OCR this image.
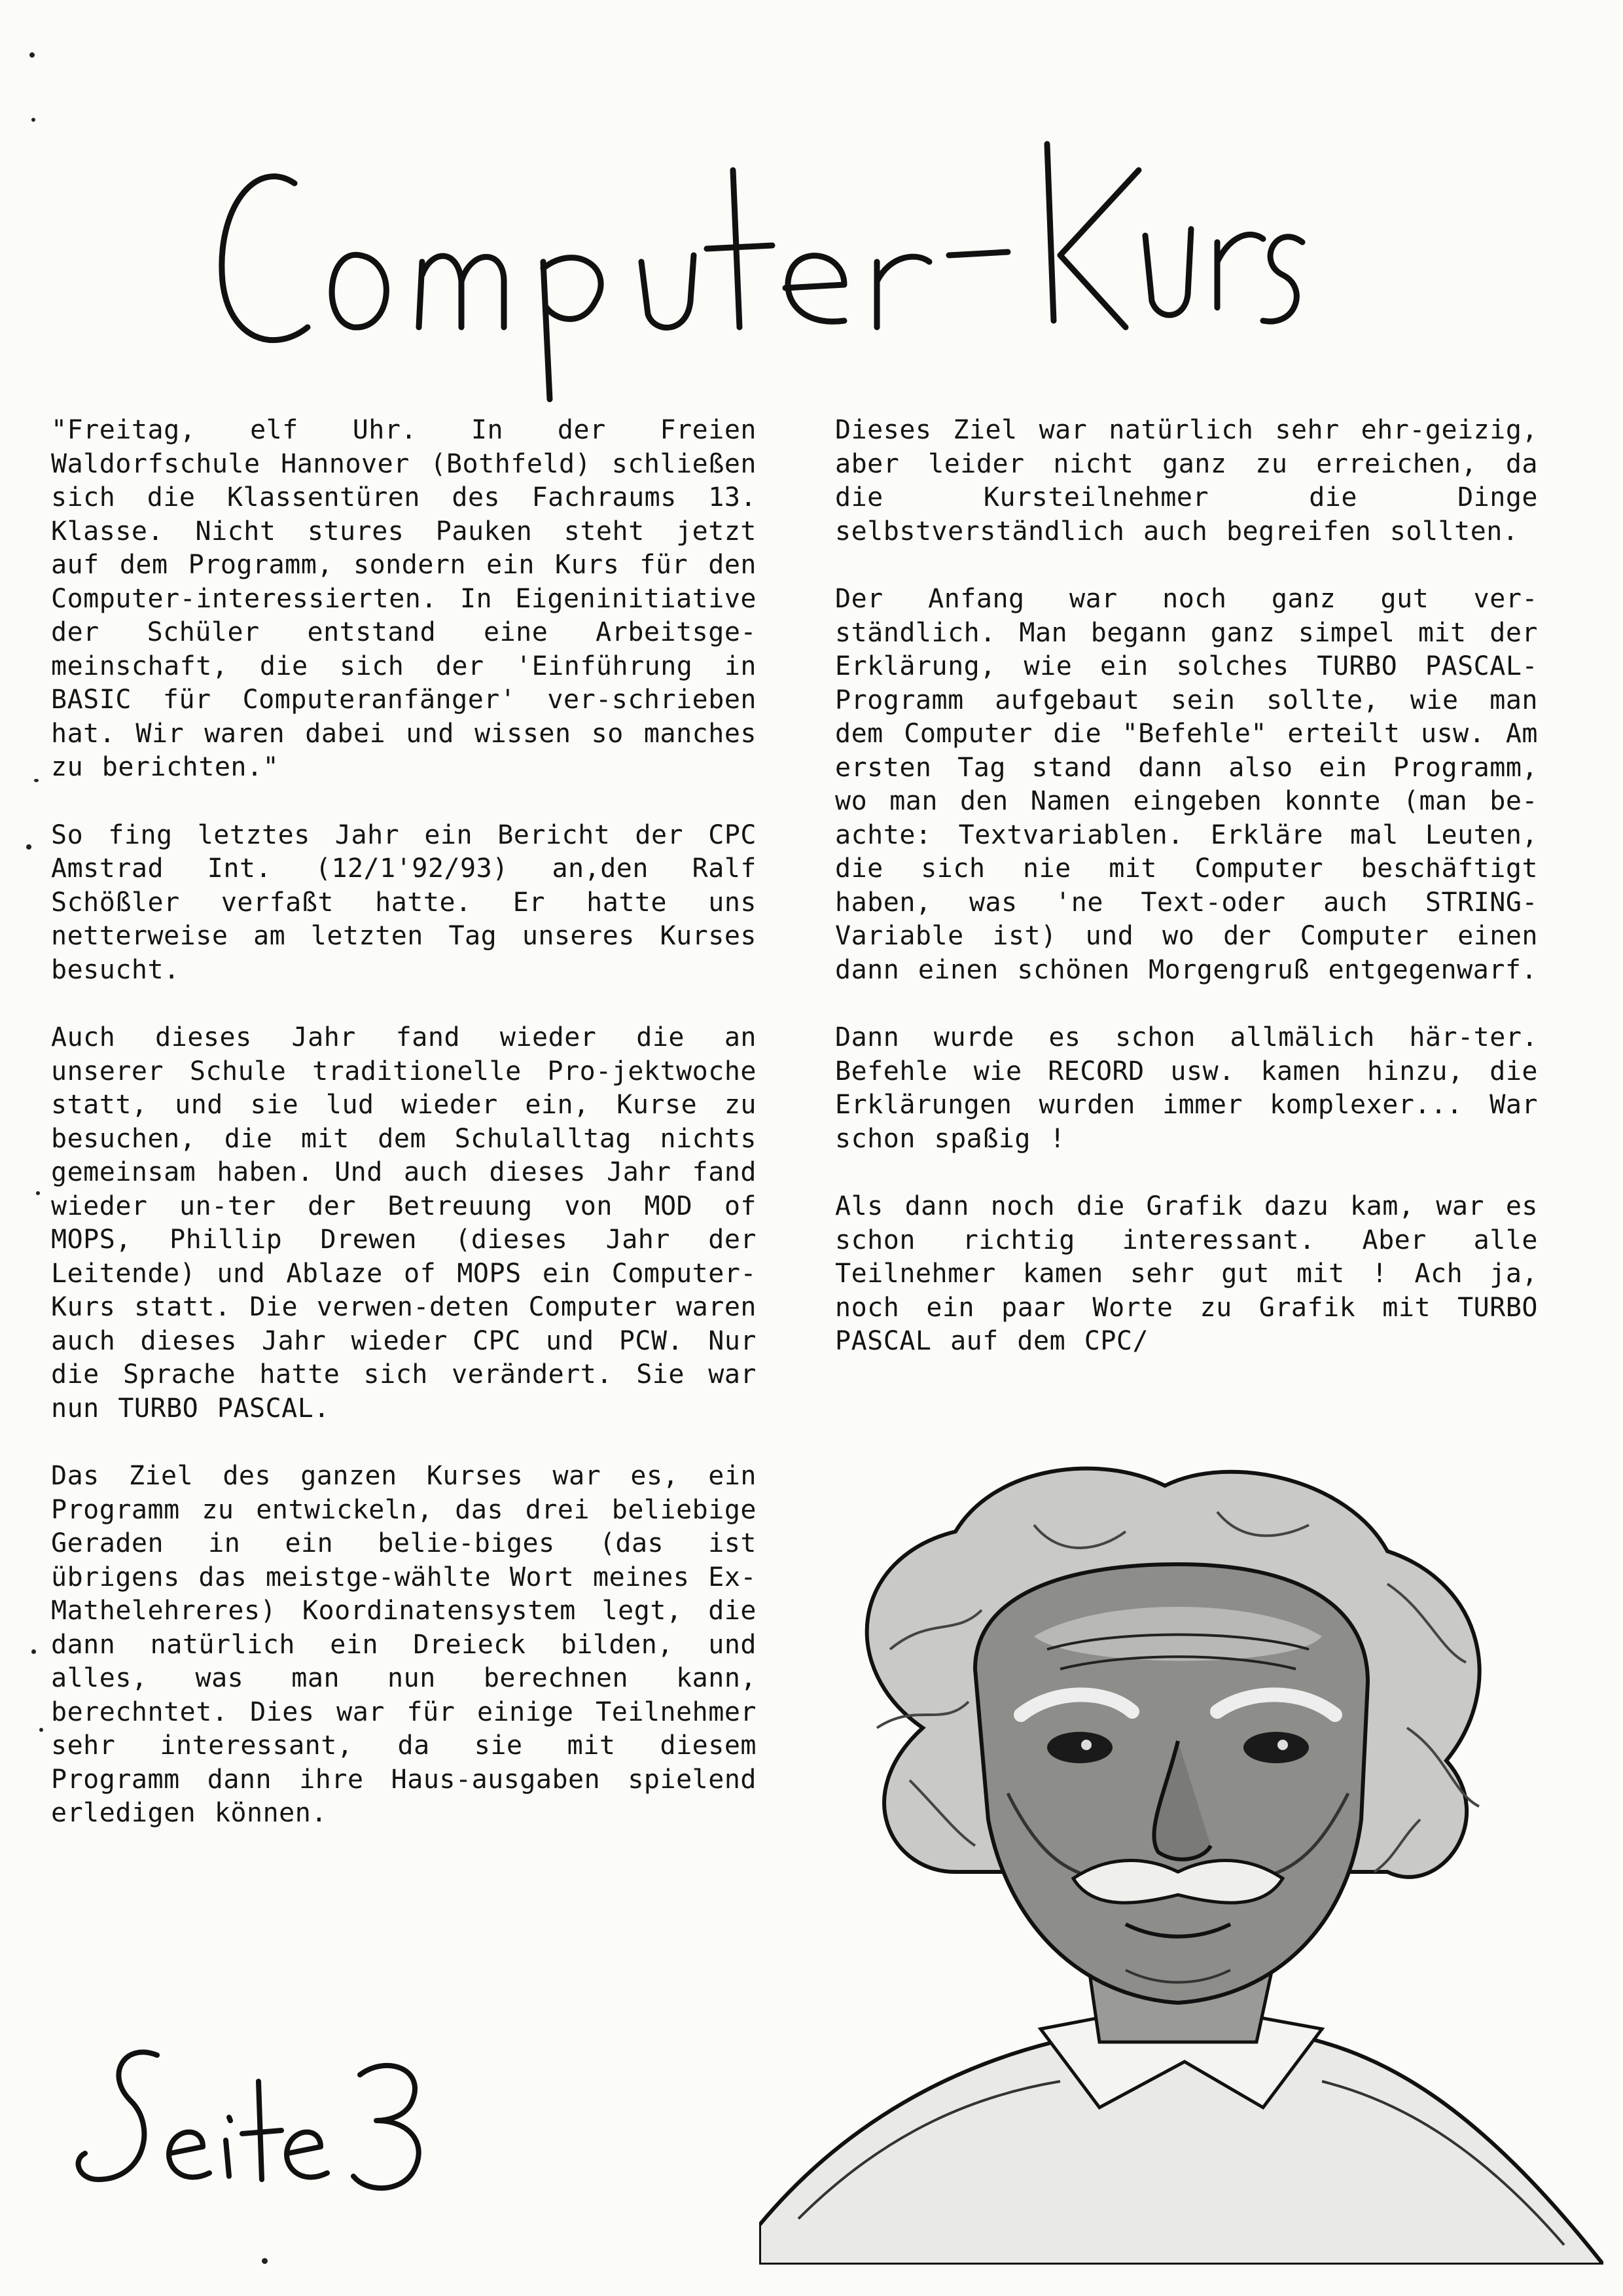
"Freitag, elf Uhr. In der Freien Waldorfschule Hannover (Bothfeld) schließen sich die Klassentüren des Fachraums 13. Klasse. Nicht stures Pauken steht jetzt auf dem Programm, sondern ein Kurs für den Computer-interessierten. In Eigeninitiative der Schüler entstand eine Arbeitsge-meinschaft, die sich der 'Einführung in BASIC für Computeranfänger' ver-schrieben hat. Wir waren dabei und wissen so manches zu berichten."

So fing letztes Jahr ein Bericht der CPC Amstrad Int. (12/1'92/93) an,den Ralf Schößler verfaßt hatte. Er hatte uns netterweise am letzten Tag unseres Kurses besucht.

Auch dieses Jahr fand wieder die an unserer Schule traditionelle Pro-jektwoche statt, und sie lud wieder ein, Kurse zu besuchen, die mit dem Schulalltag nichts gemeinsam haben. Und auch dieses Jahr fand wieder un-ter der Betreuung von MOD of MOPS, Phillip Drewen (dieses Jahr der Leitende) und Ablaze of MOPS ein Computer-Kurs statt. Die verwen-deten Computer waren auch dieses Jahr wieder CPC und PCW. Nur die Sprache hatte sich verändert. Sie war nun TURBO PASCAL.

Das Ziel des ganzen Kurses war es, ein Programm zu entwickeln, das drei beliebige Geraden in ein belie-biges (das ist übrigens das meistge-wählte Wort meines Ex-Mathelehreres) Koordinatensystem legt, die dann natürlich ein Dreieck bilden, und alles, was man nun berechnen kann, berechntet. Dies war für einige Teilnehmer sehr interessant, da sie mit diesem Programm dann ihre Haus-ausgaben spielend erledigen können.

Dieses Ziel war natürlich sehr ehr-geizig, aber leider nicht ganz zu erreichen, da die Kursteilnehmer die Dinge selbstverständlich auch begreifen sollten.

Der Anfang war noch ganz gut ver-ständlich. Man begann ganz simpel mit der Erklärung, wie ein solches TURBO PASCAL-Programm aufgebaut sein sollte, wie man dem Computer die "Befehle" erteilt usw. Am ersten Tag stand dann also ein Programm, wo man den Namen eingeben konnte (man be-achte: Textvariablen. Erkläre mal Leuten, die sich nie mit Computer beschäftigt haben, was 'ne Text-oder auch STRING-Variable ist) und wo der Computer einen dann einen schönen Morgengruß entgegenwarf.

Dann wurde es schon allmälich här-ter. Befehle wie RECORD usw. kamen hinzu, die Erklärungen wurden immer komplexer... War schon spaßig !

Als dann noch die Grafik dazu kam, war es schon richtig interessant. Aber alle Teilnehmer kamen sehr gut mit ! Ach ja, noch ein paar Worte zu Grafik mit TURBO PASCAL auf dem CPC/
